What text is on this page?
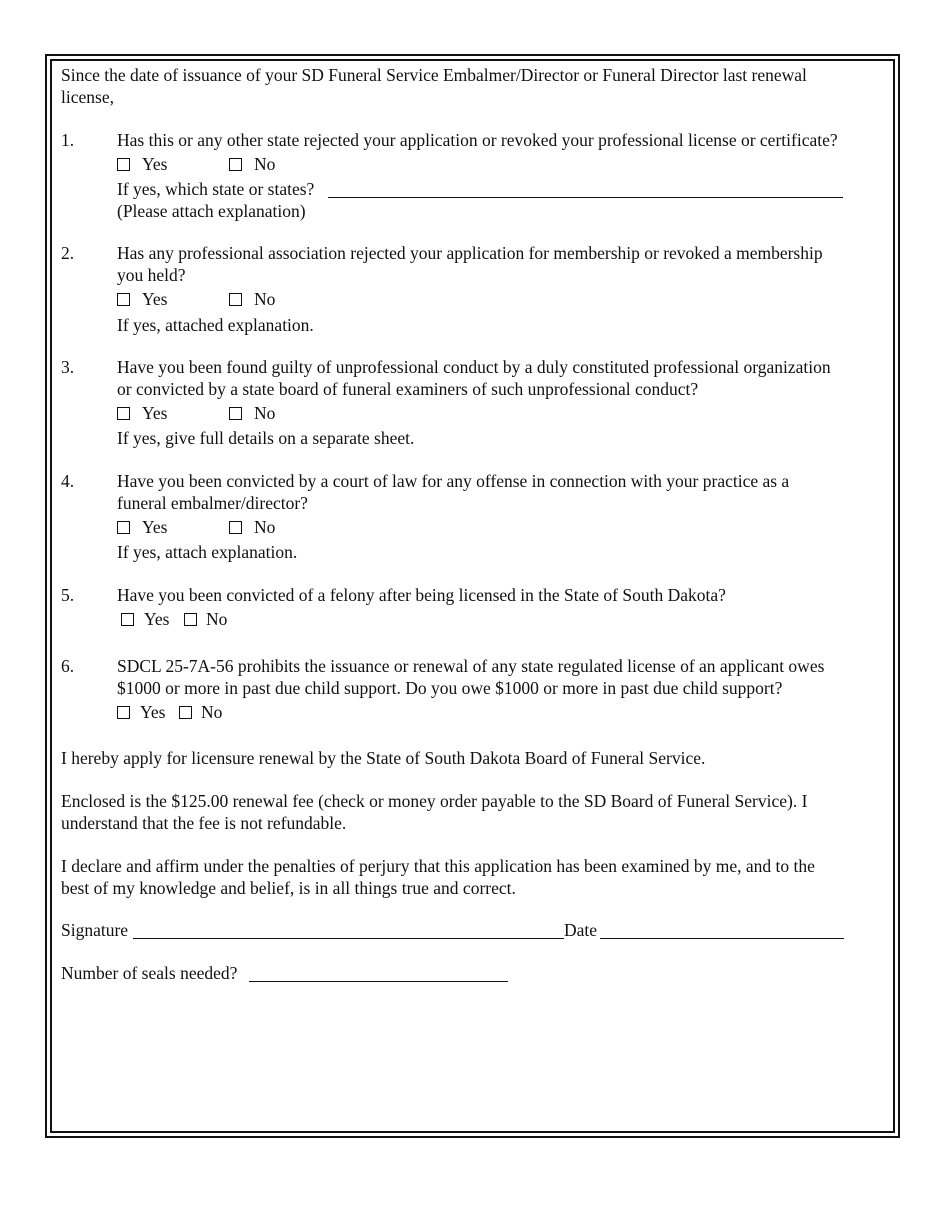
Since the date of issuance of your SD Funeral Service Embalmer/Director or Funeral Director last renewal
license,
1. Has this or any other state rejected your application or revoked your professional license or certificate?
Yes	No
If yes, which state or states?
(Please attach explanation)
2. Has any professional association rejected your application for membership or revoked a membership
you held?
Yes	No
If yes, attached explanation.
3. Have you been found guilty of unprofessional conduct by a duly constituted professional organization
or convicted by a state board of funeral examiners of such unprofessional conduct?
Yes	No
If yes, give full details on a separate sheet.
4. Have you been convicted by a court of law for any offense in connection with your practice as a
funeral embalmer/director?
Yes	No
If yes, attach explanation.
5. Have you been convicted of a felony after being licensed in the State of South Dakota?
Yes	No
6. SDCL 25-7A-56 prohibits the issuance or renewal of any state regulated license of an applicant owes
$1000 or more in past due child support. Do you owe $1000 or more in past due child support?
Yes	No
I hereby apply for licensure renewal by the State of South Dakota Board of Funeral Service.
Enclosed is the $125.00 renewal fee (check or money order payable to the SD Board of Funeral Service). I
understand that the fee is not refundable.
I declare and affirm under the penalties of perjury that this application has been examined by me, and to the
best of my knowledge and belief, is in all things true and correct.
Signature	Date
Number of seals needed?
